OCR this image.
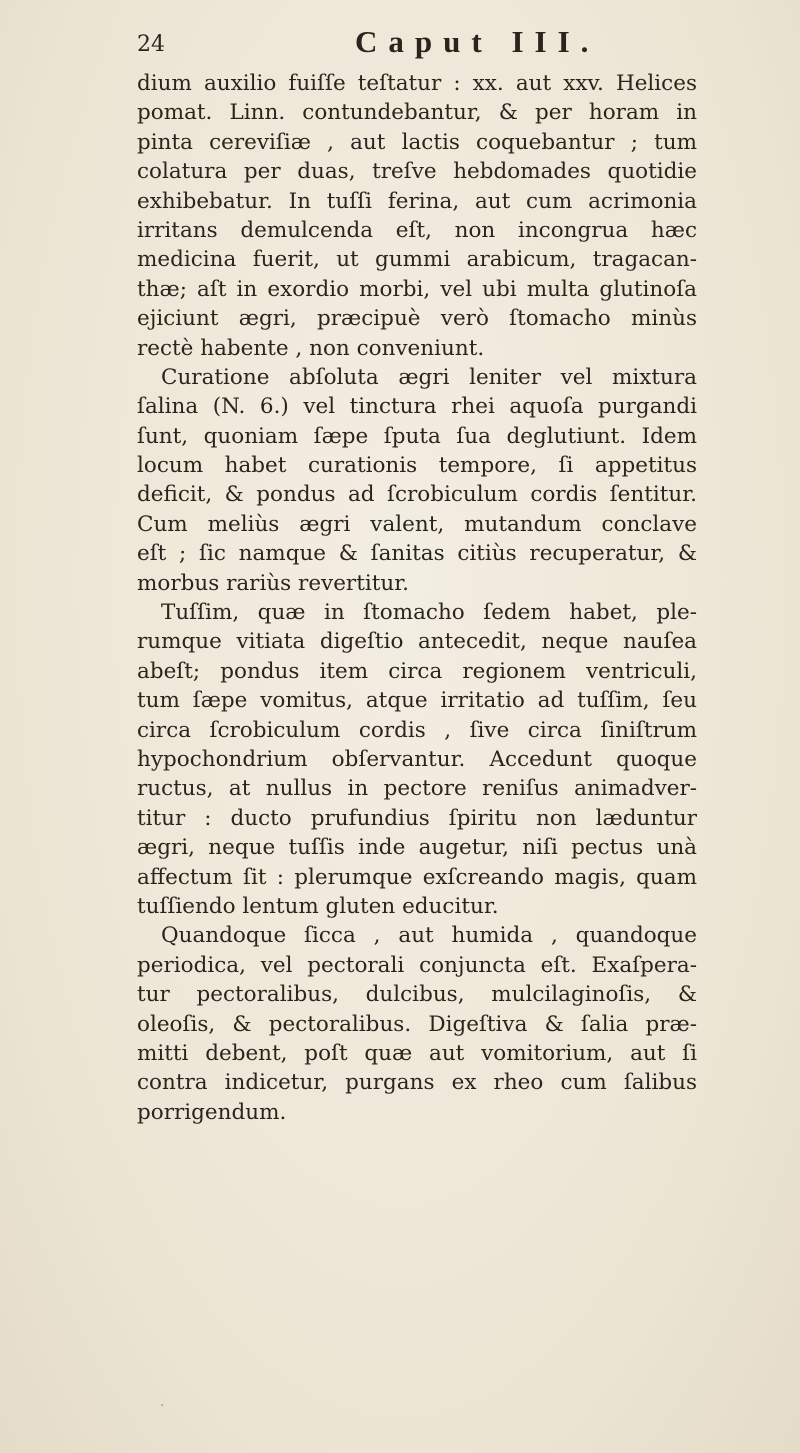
24	Caput III.
dium auxilio fuiſſe teſtatur : xx. aut xxv. Helices
pomat. Linn. contundebantur, & per horam in
pinta cereviſiæ , aut lactis coquebantur ; tum
colatura per duas, treſve hebdomades quotidie
exhibebatur. In tuſſi ferina, aut cum acrimonia
irritans demulcenda eſt, non incongrua hæc
medicina fuerit, ut gummi arabicum, tragacan-
thæ; aſt in exordio morbi, vel ubi multa glutinoſa
ejiciunt ægri, præcipuè verò ſtomacho minùs
rectè habente , non conveniunt.
Curatione abſoluta ægri leniter vel mixtura
ſalina (N. 6.) vel tinctura rhei aquoſa purgandi
ſunt, quoniam ſæpe ſputa ſua deglutiunt. Idem
locum habet curationis tempore, ſi appetitus
deficit, & pondus ad ſcrobiculum cordis ſentitur.
Cum meliùs ægri valent, mutandum conclave
eſt ; ſic namque & ſanitas citiùs recuperatur, &
morbus rariùs revertitur.
Tuſſim, quæ in ſtomacho ſedem habet, ple-
rumque vitiata digeſtio antecedit, neque nauſea
abeſt; pondus item circa regionem ventriculi,
tum ſæpe vomitus, atque irritatio ad tuſſim, ſeu
circa ſcrobiculum cordis , ſive circa ſiniſtrum
hypochondrium obſervantur. Accedunt quoque
ructus, at nullus in pectore reniſus animadver-
titur : ducto prufundius ſpiritu non læduntur
ægri, neque tuſſis inde augetur, niſi pectus unà
affectum ſit : plerumque exſcreando magis, quam
tuſſiendo lentum gluten educitur.
Quandoque ſicca , aut humida , quandoque
periodica, vel pectorali conjuncta eſt. Exaſpera-
tur pectoralibus, dulcibus, mulcilaginoſis, &
oleoſis, & pectoralibus. Digeſtiva & ſalia præ-
mitti debent, poſt quæ aut vomitorium, aut ſi
contra indicetur, purgans ex rheo cum ſalibus
porrigendum.
·
